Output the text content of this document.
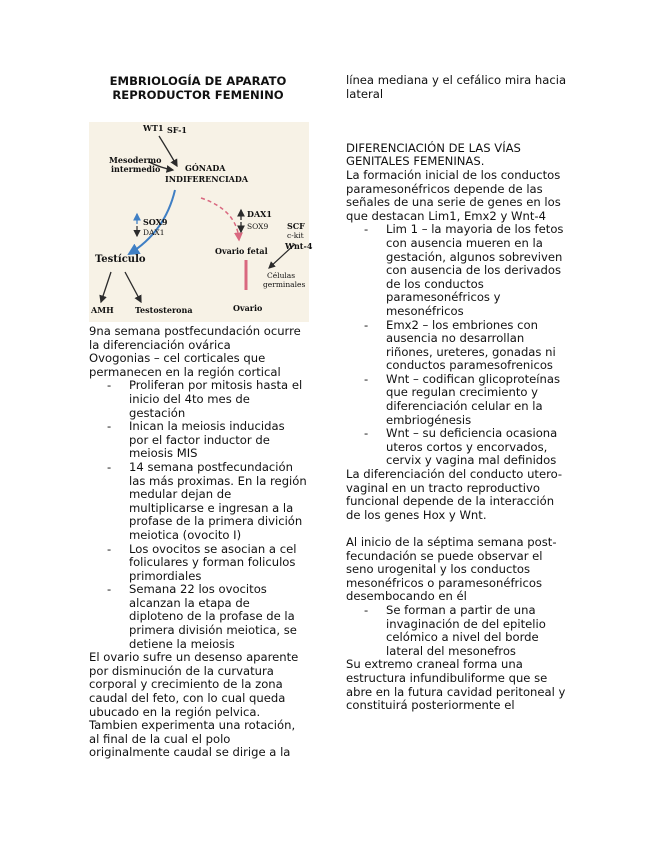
EMBRIOLOGÍA DE APARATO REPRODUCTOR FEMENINO
WT1 SF-1
Mesodermo
intermedio	GÓNADA
INDIFERENCIADA
DAX1
SOX9
SOX9
DAX1
SCF
c-kit
Wnt-4
Testículo
Ovario fetal
Células
germinales
AMH	Testosterona	Ovario

9na semana postfecundación ocurre la diferenciación ovárica

Ovogonias – cel corticales que permanecen en la región cortical

- Proliferan por mitosis hasta el inicio del 4to mes de gestación
- Inican la meiosis inducidas por el factor inductor de meiosis MIS
- 14 semana postfecundación las más proximas. En la región medular dejan de multiplicarse e ingresan a la profase de la primera divición meiotica (ovocito I)
- Los ovocitos se asocian a cel foliculares y forman foliculos primordiales
- Semana 22 los ovocitos alcanzan la etapa de diploteno de la profase de la primera división meiotica, se detiene la meiosis

El ovario sufre un desenso aparente por disminución de la curvatura corporal y crecimiento de la zona caudal del feto, con lo cual queda ubucado en la región pelvica. Tambien experimenta una rotación, al final de la cual el polo originalmente caudal se dirige a la

línea mediana y el cefálico mira hacia lateral

DIFERENCIACIÓN DE LAS VÍAS GENITALES FEMENINAS.

La formación inicial de los conductos paramesonéfricos depende de las señales de una serie de genes en los que destacan Lim1, Emx2 y Wnt-4

- Lim 1 – la mayoria de los fetos con ausencia mueren en la gestación, algunos sobreviven con ausencia de los derivados de los conductos paramesonéfricos y mesonéfricos
- Emx2 – los embriones con ausencia no desarrollan riñones, ureteres, gonadas ni conductos paramesofrenicos
- Wnt – codifican glicoproteínas que regulan crecimiento y diferenciación celular en la embriogénesis
- Wnt – su deficiencia ocasiona uteros cortos y encorvados, cervix y vagina mal definidos

La diferenciación del conducto utero-vaginal en un tracto reproductivo funcional depende de la interacción de los genes Hox y Wnt.

Al inicio de la séptima semana post-fecundación se puede observar el seno urogenital y los conductos mesonéfricos o paramesonéfricos desembocando en él

- Se forman a partir de una invaginación de del epitelio celómico a nivel del borde lateral del mesonefros

Su extremo craneal forma una estructura infundibuliforme que se abre en la futura cavidad peritoneal y constituirá posteriormente el
